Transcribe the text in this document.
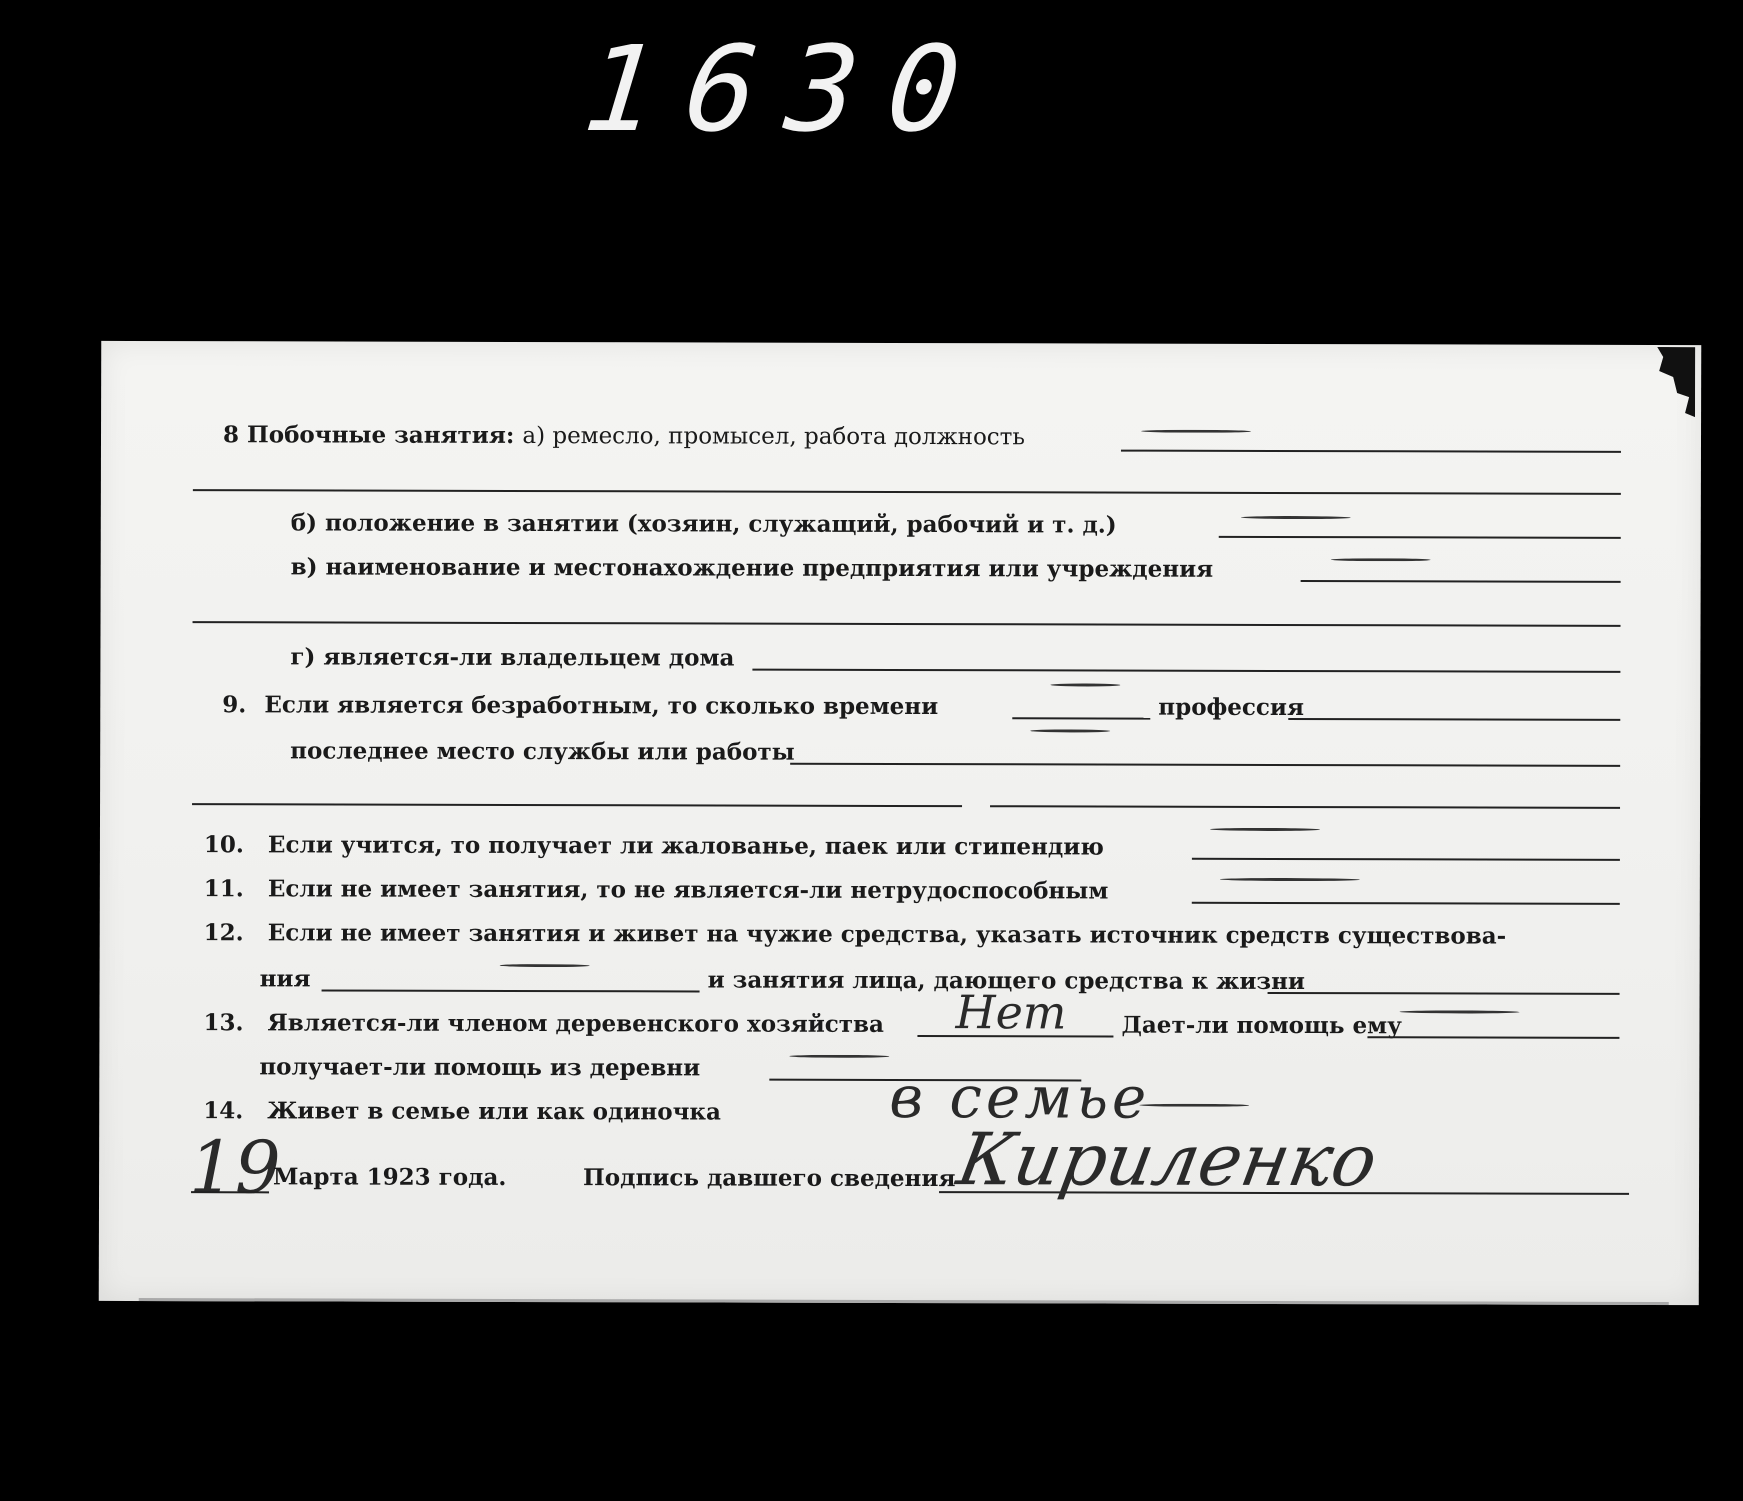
1630
8 Побочные занятия: а) ремесло, промысел, работа должность
б) положение в занятии (хозяин, служащий, рабочий и т. д.)
в) наименование и местонахождение предприятия или учреждения
г) является-ли владельцем дома
9. Если является безработным, то сколько времени	профессия
последнее место службы или работы
10. Если учится, то получает ли жалованье, паек или стипендию
11. Если не имеет занятия, то не является-ли нетрудоспособным
12. Если не имеет занятия и живет на чужие средства, указать источник средств существова-
ния	и занятия лица, дающего средства к жизни
13. Является-ли членом деревенского хозяйства Нет Дает-ли помощь ему
получает-ли помощь из деревни
14. Живет в семье или как одиночка	в семье
19
Марта 1923 года.	Подпись давшего сведения
Кириленко
